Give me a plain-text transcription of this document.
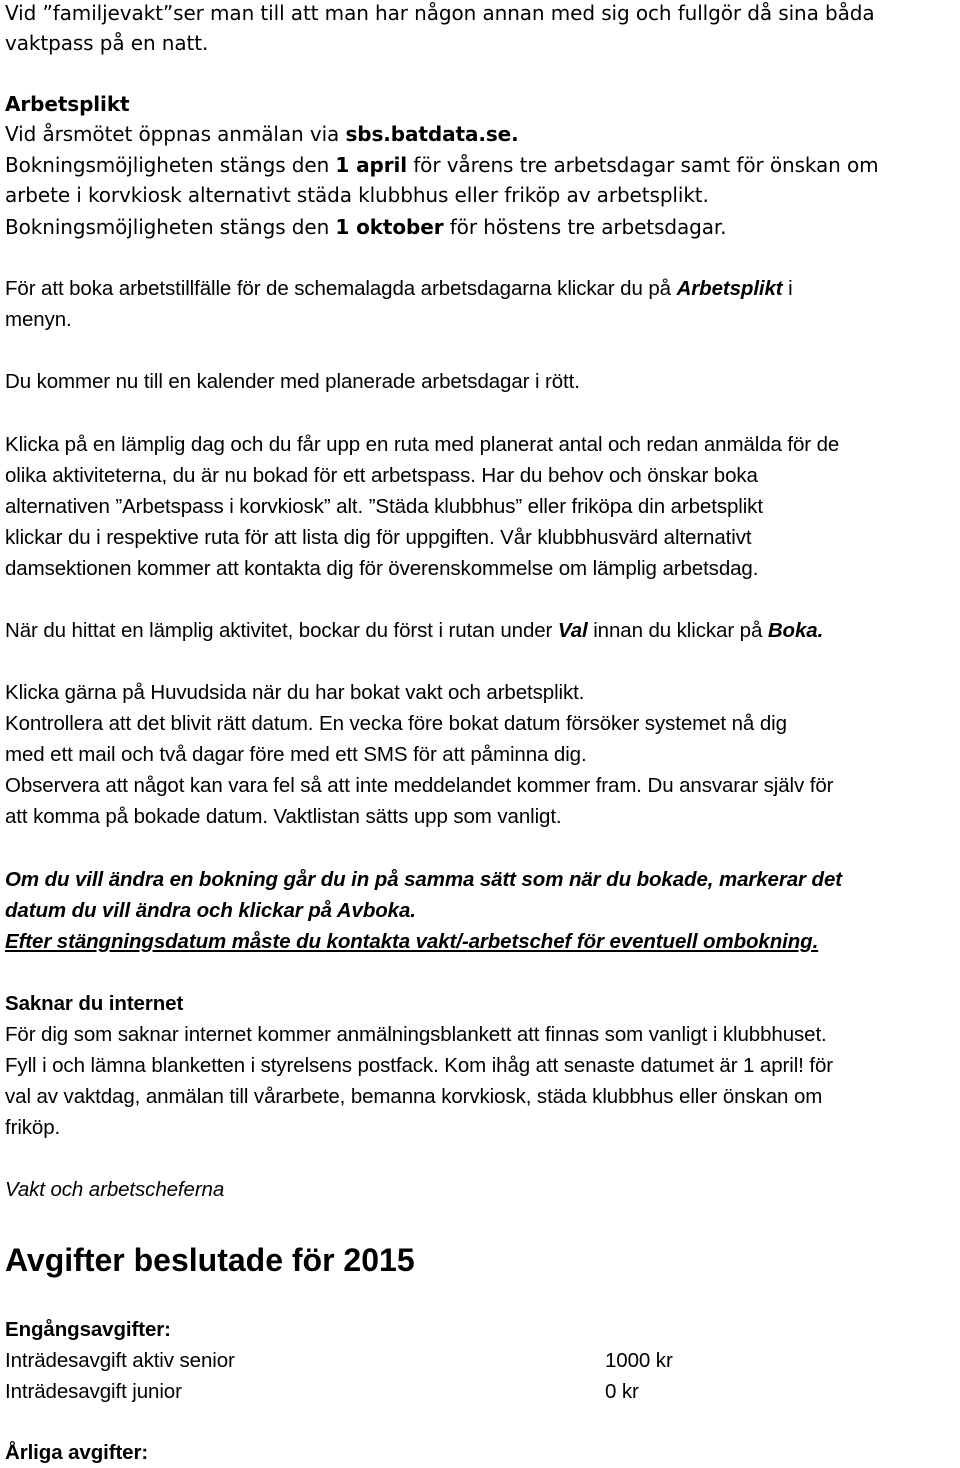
Vid ”familjevakt”ser man till att man har någon annan med sig och fullgör då sina båda
vaktpass på en natt.
Arbetsplikt
Vid årsmötet öppnas anmälan via sbs.batdata.se.
Bokningsmöjligheten stängs den 1 april för vårens tre arbetsdagar samt för önskan om
arbete i korvkiosk alternativt städa klubbhus eller friköp av arbetsplikt.
Bokningsmöjligheten stängs den 1 oktober för höstens tre arbetsdagar.
För att boka arbetstillfälle för de schemalagda arbetsdagarna klickar du på Arbetsplikt i
menyn.
Du kommer nu till en kalender med planerade arbetsdagar i rött.
Klicka på en lämplig dag och du får upp en ruta med planerat antal och redan anmälda för de
olika aktiviteterna, du är nu bokad för ett arbetspass. Har du behov och önskar boka
alternativen ”Arbetspass i korvkiosk” alt. ”Städa klubbhus” eller friköpa din arbetsplikt
klickar du i respektive ruta för att lista dig för uppgiften. Vår klubbhusvärd alternativt
damsektionen kommer att kontakta dig för överenskommelse om lämplig arbetsdag.
När du hittat en lämplig aktivitet, bockar du först i rutan under Val innan du klickar på Boka.
Klicka gärna på Huvudsida när du har bokat vakt och arbetsplikt.
Kontrollera att det blivit rätt datum. En vecka före bokat datum försöker systemet nå dig
med ett mail och två dagar före med ett SMS för att påminna dig.
Observera att något kan vara fel så att inte meddelandet kommer fram. Du ansvarar själv för
att komma på bokade datum. Vaktlistan sätts upp som vanligt.
Om du vill ändra en bokning går du in på samma sätt som när du bokade, markerar det
datum du vill ändra och klickar på Avboka.
Efter stängningsdatum måste du kontakta vakt/-arbetschef för eventuell ombokning.
Saknar du internet
För dig som saknar internet kommer anmälningsblankett att finnas som vanligt i klubbhuset.
Fyll i och lämna blanketten i styrelsens postfack. Kom ihåg att senaste datumet är 1 april! för
val av vaktdag, anmälan till vårarbete, bemanna korvkiosk, städa klubbhus eller önskan om
friköp.
Vakt och arbetscheferna
Avgifter beslutade för 2015
Engångsavgifter:
Inträdesavgift aktiv senior	1000 kr
Inträdesavgift junior	0 kr
Årliga avgifter:
